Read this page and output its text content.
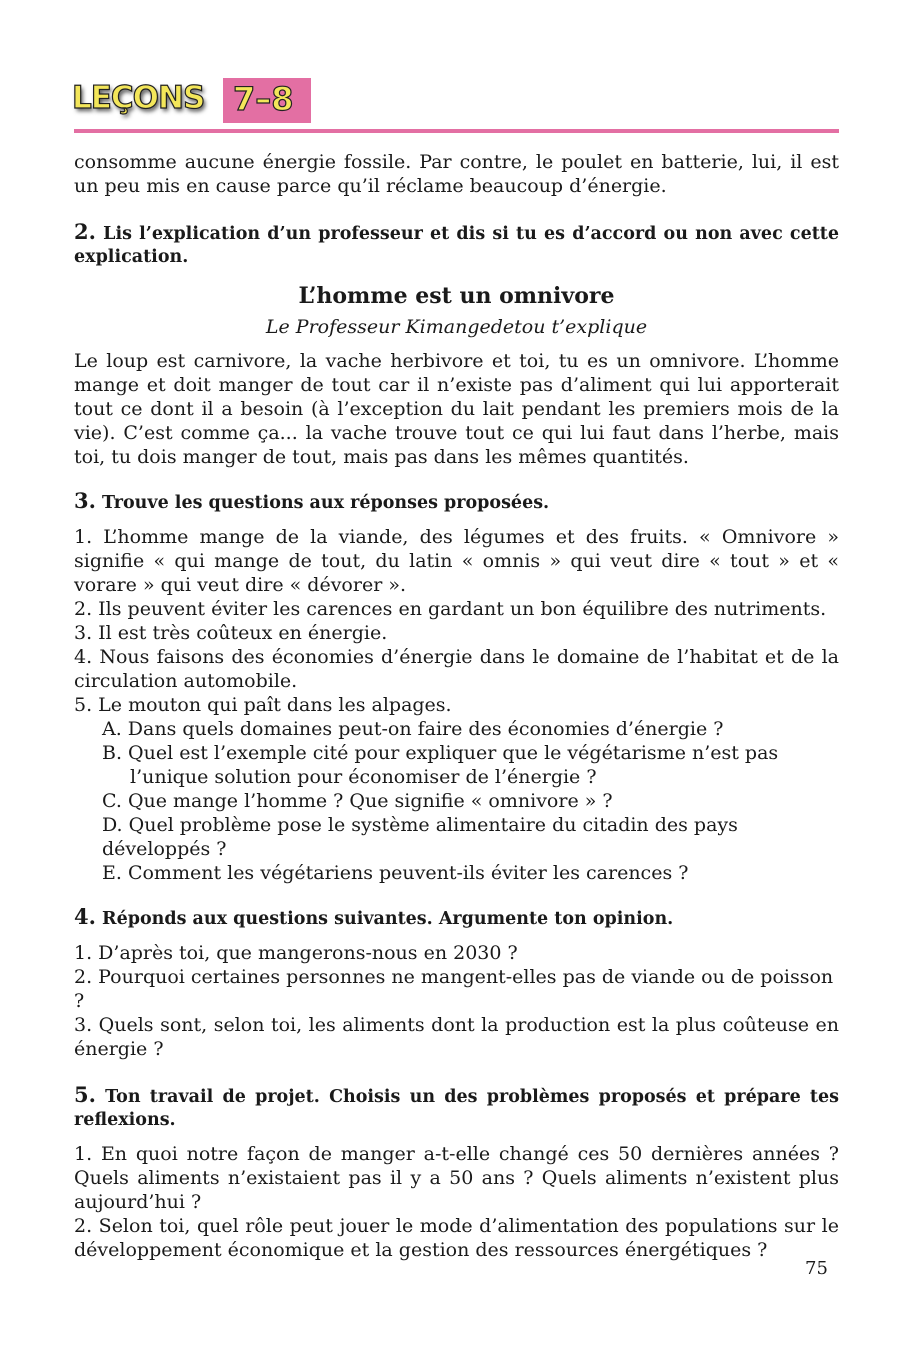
LEÇONS 7–8

consomme aucune énergie fossile. Par contre, le poulet en batterie, lui, il est un peu mis en cause parce qu’il réclame beaucoup d’énergie.

2. Lis l’explication d’un professeur et dis si tu es d’accord ou non avec cette explication.

L’homme est un omnivore

Le Professeur Kimangedetou t’explique

Le loup est carnivore, la vache herbivore et toi, tu es un omnivore. L’homme mange et doit manger de tout car il n’existe pas d’aliment qui lui apporterait tout ce dont il a besoin (à l’exception du lait pendant les premiers mois de la vie). C’est comme ça... la vache trouve tout ce qui lui faut dans l’herbe, mais toi, tu dois manger de tout, mais pas dans les mêmes quantités.

3. Trouve les questions aux réponses proposées.

1. L’homme mange de la viande, des légumes et des fruits. « Omnivore » signifie « qui mange de tout, du latin « omnis » qui veut dire « tout » et « vorare » qui veut dire « dévorer ».

2. Ils peuvent éviter les carences en gardant un bon équilibre des nutriments.

3. Il est très coûteux en énergie.

4. Nous faisons des économies d’énergie dans le domaine de l’habitat et de la circulation automobile.

5. Le mouton qui paît dans les alpages.

A. Dans quels domaines peut-on faire des économies d’énergie ?

B. Quel est l’exemple cité pour expliquer que le végétarisme n’est pas l’unique solution pour économiser de l’énergie ?

C. Que mange l’homme ? Que signifie « omnivore » ?

D. Quel problème pose le système alimentaire du citadin des pays développés ?

E. Comment les végétariens peuvent-ils éviter les carences ?

4. Réponds aux questions suivantes. Argumente ton opinion.

1. D’après toi, que mangerons-nous en 2030 ?

2. Pourquoi certaines personnes ne mangent-elles pas de viande ou de poisson ?

3. Quels sont, selon toi, les aliments dont la production est la plus coûteuse en énergie ?

5. Ton travail de projet. Choisis un des problèmes proposés et prépare tes reflexions.

1. En quoi notre façon de manger a-t-elle changé ces 50 dernières années ? Quels aliments n’existaient pas il y a 50 ans ? Quels aliments n’existent plus aujourd’hui ?

2. Selon toi, quel rôle peut jouer le mode d’alimentation des populations sur le développement économique et la gestion des ressources énergétiques ?

75
